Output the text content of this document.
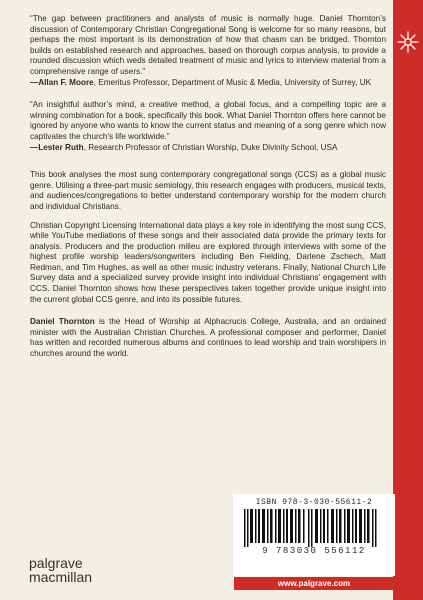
“The gap between practitioners and analysts of music is normally huge. Daniel Thornton’s discussion of Contemporary Christian Congregational Song is welcome for so many reasons, but perhaps the most important is its demonstration of how that chasm can be bridged. Thornton builds on established research and approaches, based on thorough corpus analysis, to provide a rounded discussion which weds detailed treatment of music and lyrics to interview material from a comprehensive range of users.”

—Allan F. Moore, Emeritus Professor, Department of Music & Media, University of Surrey, UK

“An insightful author’s mind, a creative method, a global focus, and a compelling topic are a winning combination for a book, specifically this book. What Daniel Thornton offers here cannot be ignored by anyone who wants to know the current status and meaning of a song genre which now captivates the church’s life worldwide.”

—Lester Ruth, Research Professor of Christian Worship, Duke Divinity School, USA

This book analyses the most sung contemporary congregational songs (CCS) as a global music genre. Utilising a three-part music semiology, this research engages with producers, musical texts, and audiences/congregations to better understand contemporary worship for the modern church and individual Christians.

Christian Copyright Licensing International data plays a key role in identifying the most sung CCS, while YouTube mediations of these songs and their associated data provide the primary texts for analysis. Producers and the production milieu are explored through interviews with some of the highest profile worship leaders/songwriters including Ben Fielding, Darlene Zschech, Matt Redman, and Tim Hughes, as well as other music industry veterans. Finally, National Church Life Survey data and a specialized survey provide insight into individual Christians’ engagement with CCS. Daniel Thornton shows how these perspectives taken together provide unique insight into the current global CCS genre, and into its possible futures.

Daniel Thornton is the Head of Worship at Alphacrucis College, Australia, and an ordained minister with the Australian Christian Churches. A professional composer and performer, Daniel has written and recorded numerous albums and continues to lead worship and train worshipers in churches around the world.

ISBN 978-3-030-55611-2
9 783030 556112
www.palgrave.com
palgrave
macmillan
